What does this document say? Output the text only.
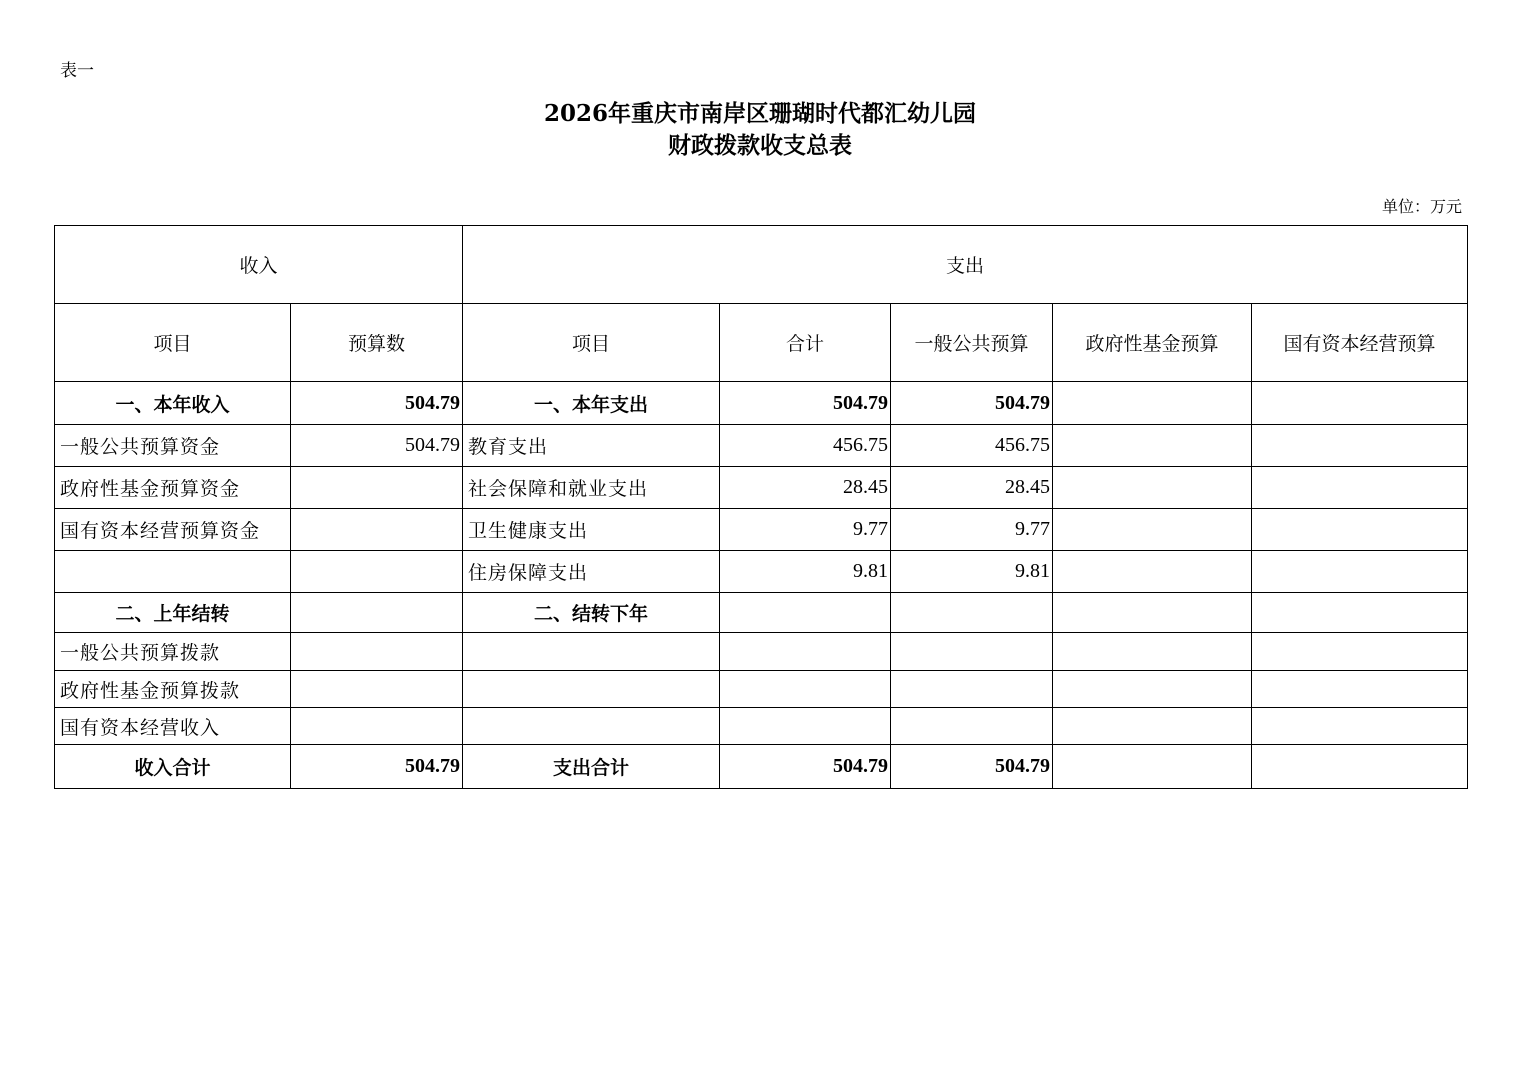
表一
2026年重庆市南岸区珊瑚时代都汇幼儿园
财政拨款收支总表
单位：万元
收入		支出				
项目	预算数	项目	合计	一般公共预算	政府性基金预算	国有资本经营预算
一、本年收入	504.79	一、本年支出	504.79	504.79		
一般公共预算资金	504.79	教育支出	456.75	456.75		
政府性基金预算资金		社会保障和就业支出	28.45	28.45		
国有资本经营预算资金		卫生健康支出	9.77	9.77		
		住房保障支出	9.81	9.81		
二、上年结转		二、结转下年				
一般公共预算拨款						
政府性基金预算拨款						
国有资本经营收入						
收入合计	504.79	支出合计	504.79	504.79		
